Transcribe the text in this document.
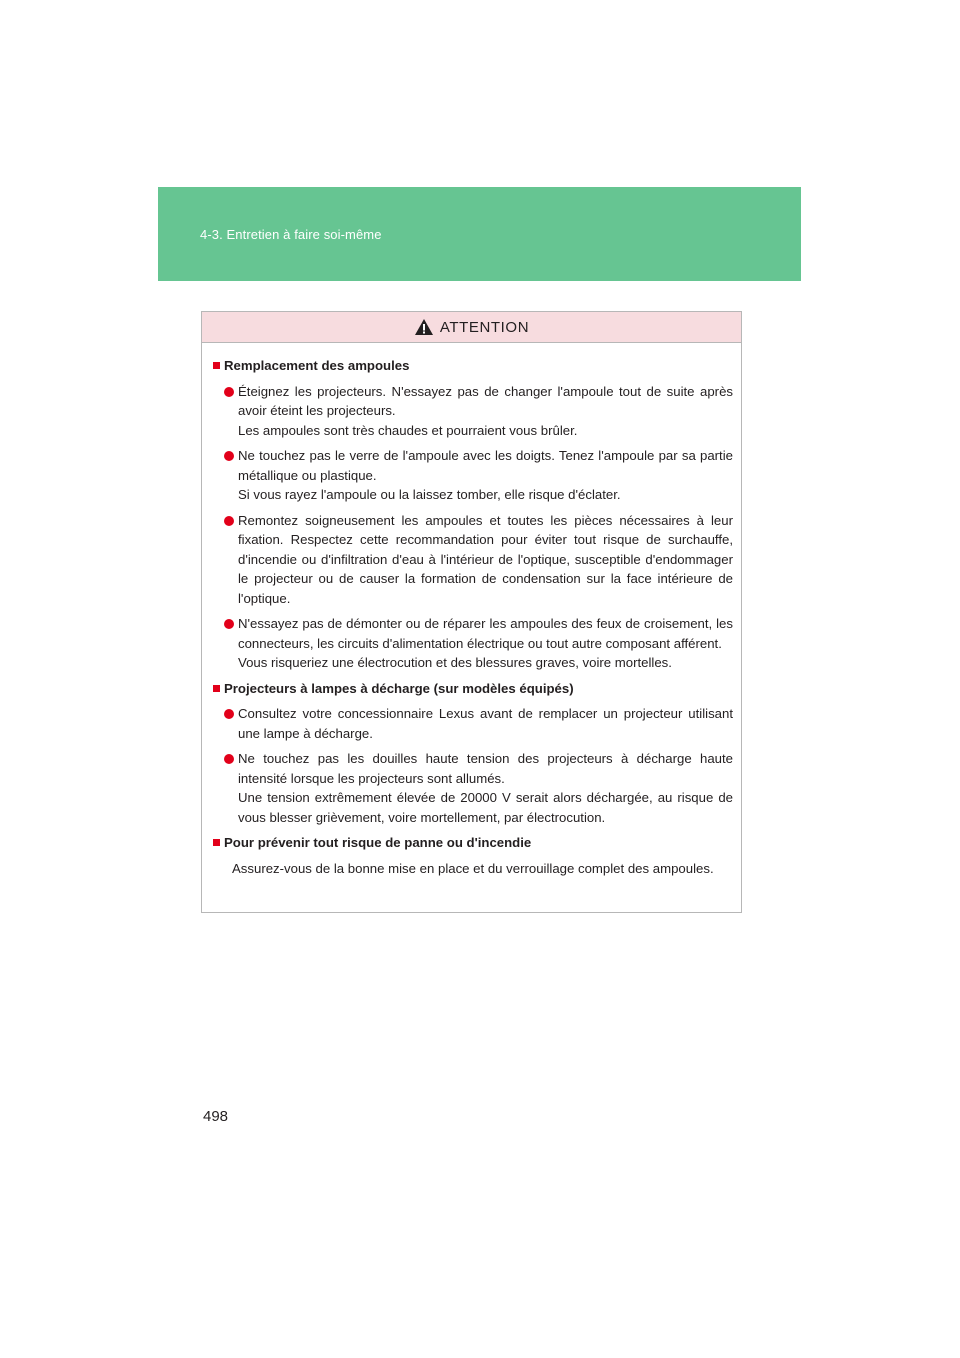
4-3. Entretien à faire soi-même
ATTENTION
Remplacement des ampoules
Éteignez les projecteurs. N'essayez pas de changer l'ampoule tout de suite après avoir éteint les projecteurs.
Les ampoules sont très chaudes et pourraient vous brûler.
Ne touchez pas le verre de l'ampoule avec les doigts. Tenez l'ampoule par sa partie métallique ou plastique.
Si vous rayez l'ampoule ou la laissez tomber, elle risque d'éclater.
Remontez soigneusement les ampoules et toutes les pièces nécessaires à leur fixation. Respectez cette recommandation pour éviter tout risque de surchauffe, d'incendie ou d'infiltration d'eau à l'intérieur de l'optique, susceptible d'endommager le projecteur ou de causer la formation de condensation sur la face intérieure de l'optique.
N'essayez pas de démonter ou de réparer les ampoules des feux de croisement, les connecteurs, les circuits d'alimentation électrique ou tout autre composant afférent.
Vous risqueriez une électrocution et des blessures graves, voire mortelles.
Projecteurs à lampes à décharge (sur modèles équipés)
Consultez votre concessionnaire Lexus avant de remplacer un projecteur utilisant une lampe à décharge.
Ne touchez pas les douilles haute tension des projecteurs à décharge haute intensité lorsque les projecteurs sont allumés.
Une tension extrêmement élevée de 20000 V serait alors déchargée, au risque de vous blesser grièvement, voire mortellement, par électrocution.
Pour prévenir tout risque de panne ou d'incendie
Assurez-vous de la bonne mise en place et du verrouillage complet des ampoules.
498
